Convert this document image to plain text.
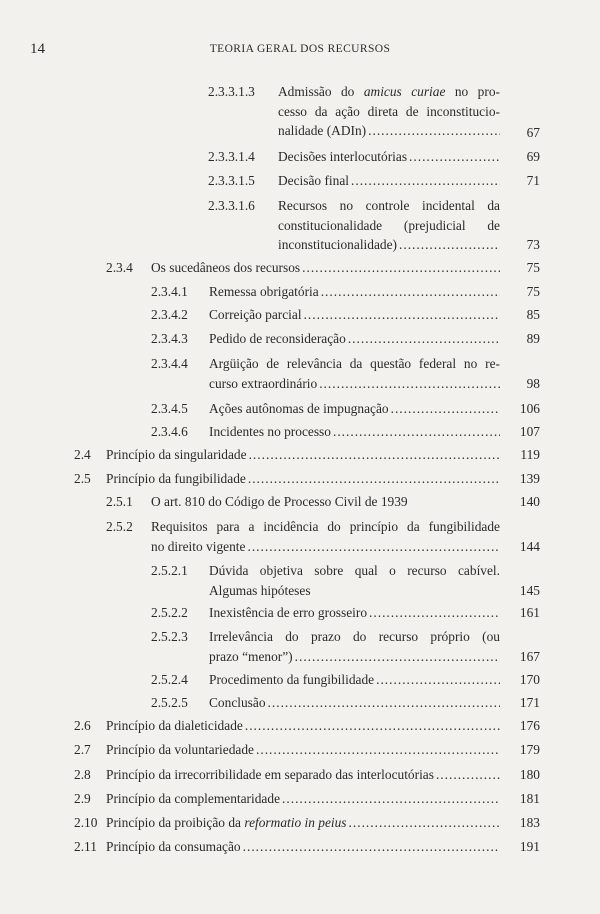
14	TEORIA GERAL DOS RECURSOS
2.3.3.1.3 Admissão do amicus curiae no pro-
cesso da ação direta de inconstitucio-
nalidade (ADIn)
.....	67
2.3.3.1.4 Decisões interlocutórias .....	69
2.3.3.1.5 Decisão final .....	71
2.3.3.1.6 Recursos no controle incidental da
constitucionalidade (prejudicial de
inconstitucionalidade) .....	73
2.3.4 Os sucedâneos dos recursos .....	75
2.3.4.1 Remessa obrigatória .....	75
2.3.4.2 Correição parcial .....	85
2.3.4.3 Pedido de reconsideração .....	89
2.3.4.4 Argüição de relevância da questão federal no re-
curso extraordinário .....	98
2.3.4.5 Ações autônomas de impugnação .....	106
2.3.4.6 Incidentes no processo .....	107
2.4 Princípio da singularidade .....	119
2.5 Princípio da fungibilidade .....	139
2.5.1 O art. 810 do Código de Processo Civil de 1939	140
2.5.2 Requisitos para a incidência do princípio da fungibilidade
no direito vigente .....	144
2.5.2.1 Dúvida objetiva sobre qual o recurso cabível.
Algumas hipóteses	145
2.5.2.2 Inexistência de erro grosseiro .....	161
2.5.2.3 Irrelevância do prazo do recurso próprio (ou
prazo “menor”) .....	167
2.5.2.4 Procedimento da fungibilidade .....	170
2.5.2.5 Conclusão .....	171
2.6 Princípio da dialeticidade .....	176
2.7 Princípio da voluntariedade .....	179
2.8 Princípio da irrecorribilidade em separado das interlocutórias .....	180
2.9 Princípio da complementaridade .....	181
2.10 Princípio da proibição da reformatio in peius .....	183
2.11 Princípio da consumação .....	191
